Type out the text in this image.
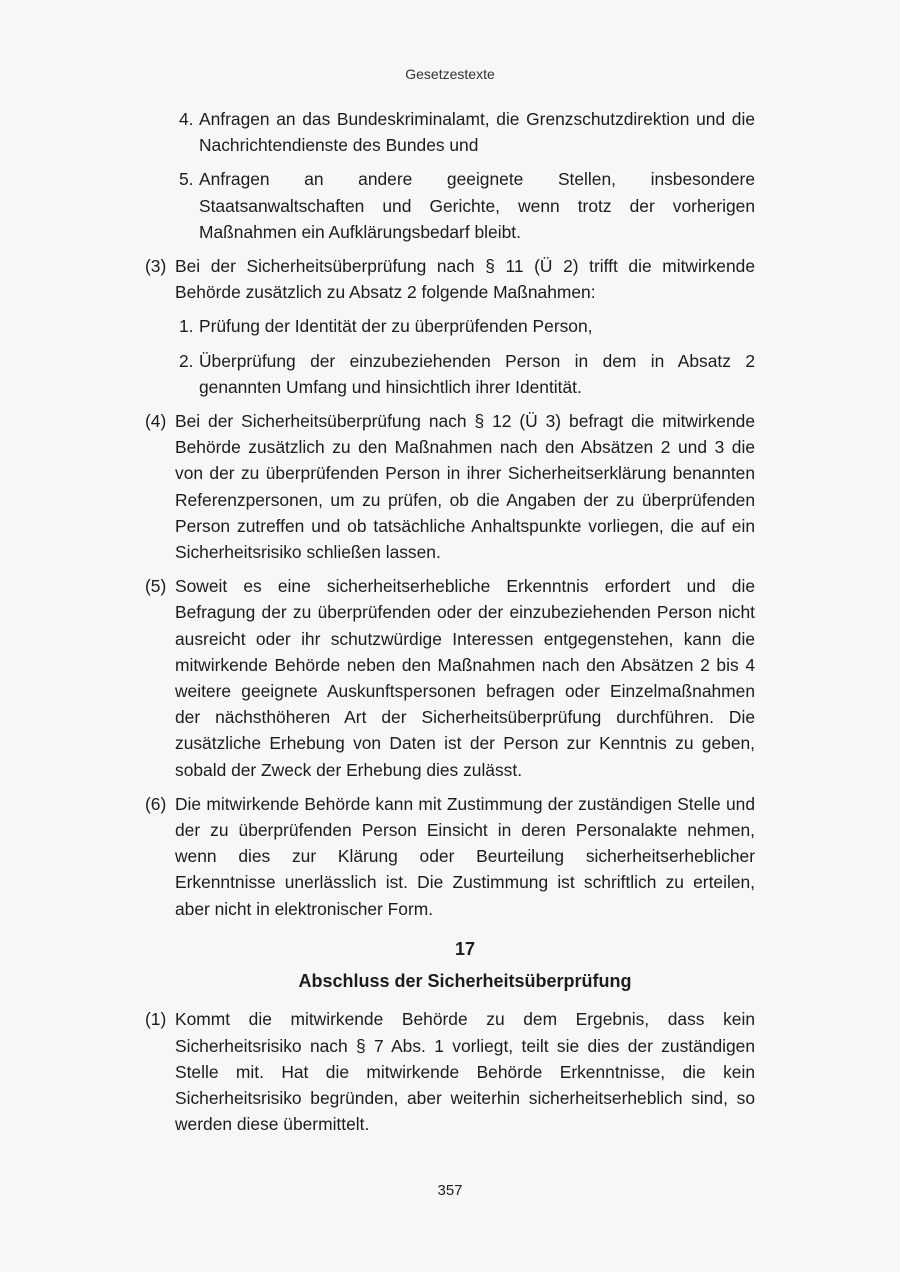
Gesetzestexte
4. Anfragen an das Bundeskriminalamt, die Grenzschutzdirektion und die Nachrichtendienste des Bundes und
5. Anfragen an andere geeignete Stellen, insbesondere Staatsanwaltschaften und Gerichte, wenn trotz der vorherigen Maßnahmen ein Aufklärungsbedarf bleibt.
(3) Bei der Sicherheitsüberprüfung nach § 11 (Ü 2) trifft die mitwirkende Behörde zusätzlich zu Absatz 2 folgende Maßnahmen:
1. Prüfung der Identität der zu überprüfenden Person,
2. Überprüfung der einzubeziehenden Person in dem in Absatz 2 genannten Umfang und hinsichtlich ihrer Identität.
(4) Bei der Sicherheitsüberprüfung nach § 12 (Ü 3) befragt die mitwirkende Behörde zusätzlich zu den Maßnahmen nach den Absätzen 2 und 3 die von der zu überprüfenden Person in ihrer Sicherheitserklärung benannten Referenzpersonen, um zu prüfen, ob die Angaben der zu überprüfenden Person zutreffen und ob tatsächliche Anhaltspunkte vorliegen, die auf ein Sicherheitsrisiko schließen lassen.
(5) Soweit es eine sicherheitserhebliche Erkenntnis erfordert und die Befragung der zu überprüfenden oder der einzubeziehenden Person nicht ausreicht oder ihr schutzwürdige Interessen entgegenstehen, kann die mitwirkende Behörde neben den Maßnahmen nach den Absätzen 2 bis 4 weitere geeignete Auskunftspersonen befragen oder Einzelmaßnahmen der nächsthöheren Art der Sicherheitsüberprüfung durchführen. Die zusätzliche Erhebung von Daten ist der Person zur Kenntnis zu geben, sobald der Zweck der Erhebung dies zulässt.
(6) Die mitwirkende Behörde kann mit Zustimmung der zuständigen Stelle und der zu überprüfenden Person Einsicht in deren Personalakte nehmen, wenn dies zur Klärung oder Beurteilung sicherheitserheblicher Erkenntnisse unerlässlich ist. Die Zustimmung ist schriftlich zu erteilen, aber nicht in elektronischer Form.
17
Abschluss der Sicherheitsüberprüfung
(1) Kommt die mitwirkende Behörde zu dem Ergebnis, dass kein Sicherheitsrisiko nach § 7 Abs. 1 vorliegt, teilt sie dies der zuständigen Stelle mit. Hat die mitwirkende Behörde Erkenntnisse, die kein Sicherheitsrisiko begründen, aber weiterhin sicherheitserheblich sind, so werden diese übermittelt.
357
